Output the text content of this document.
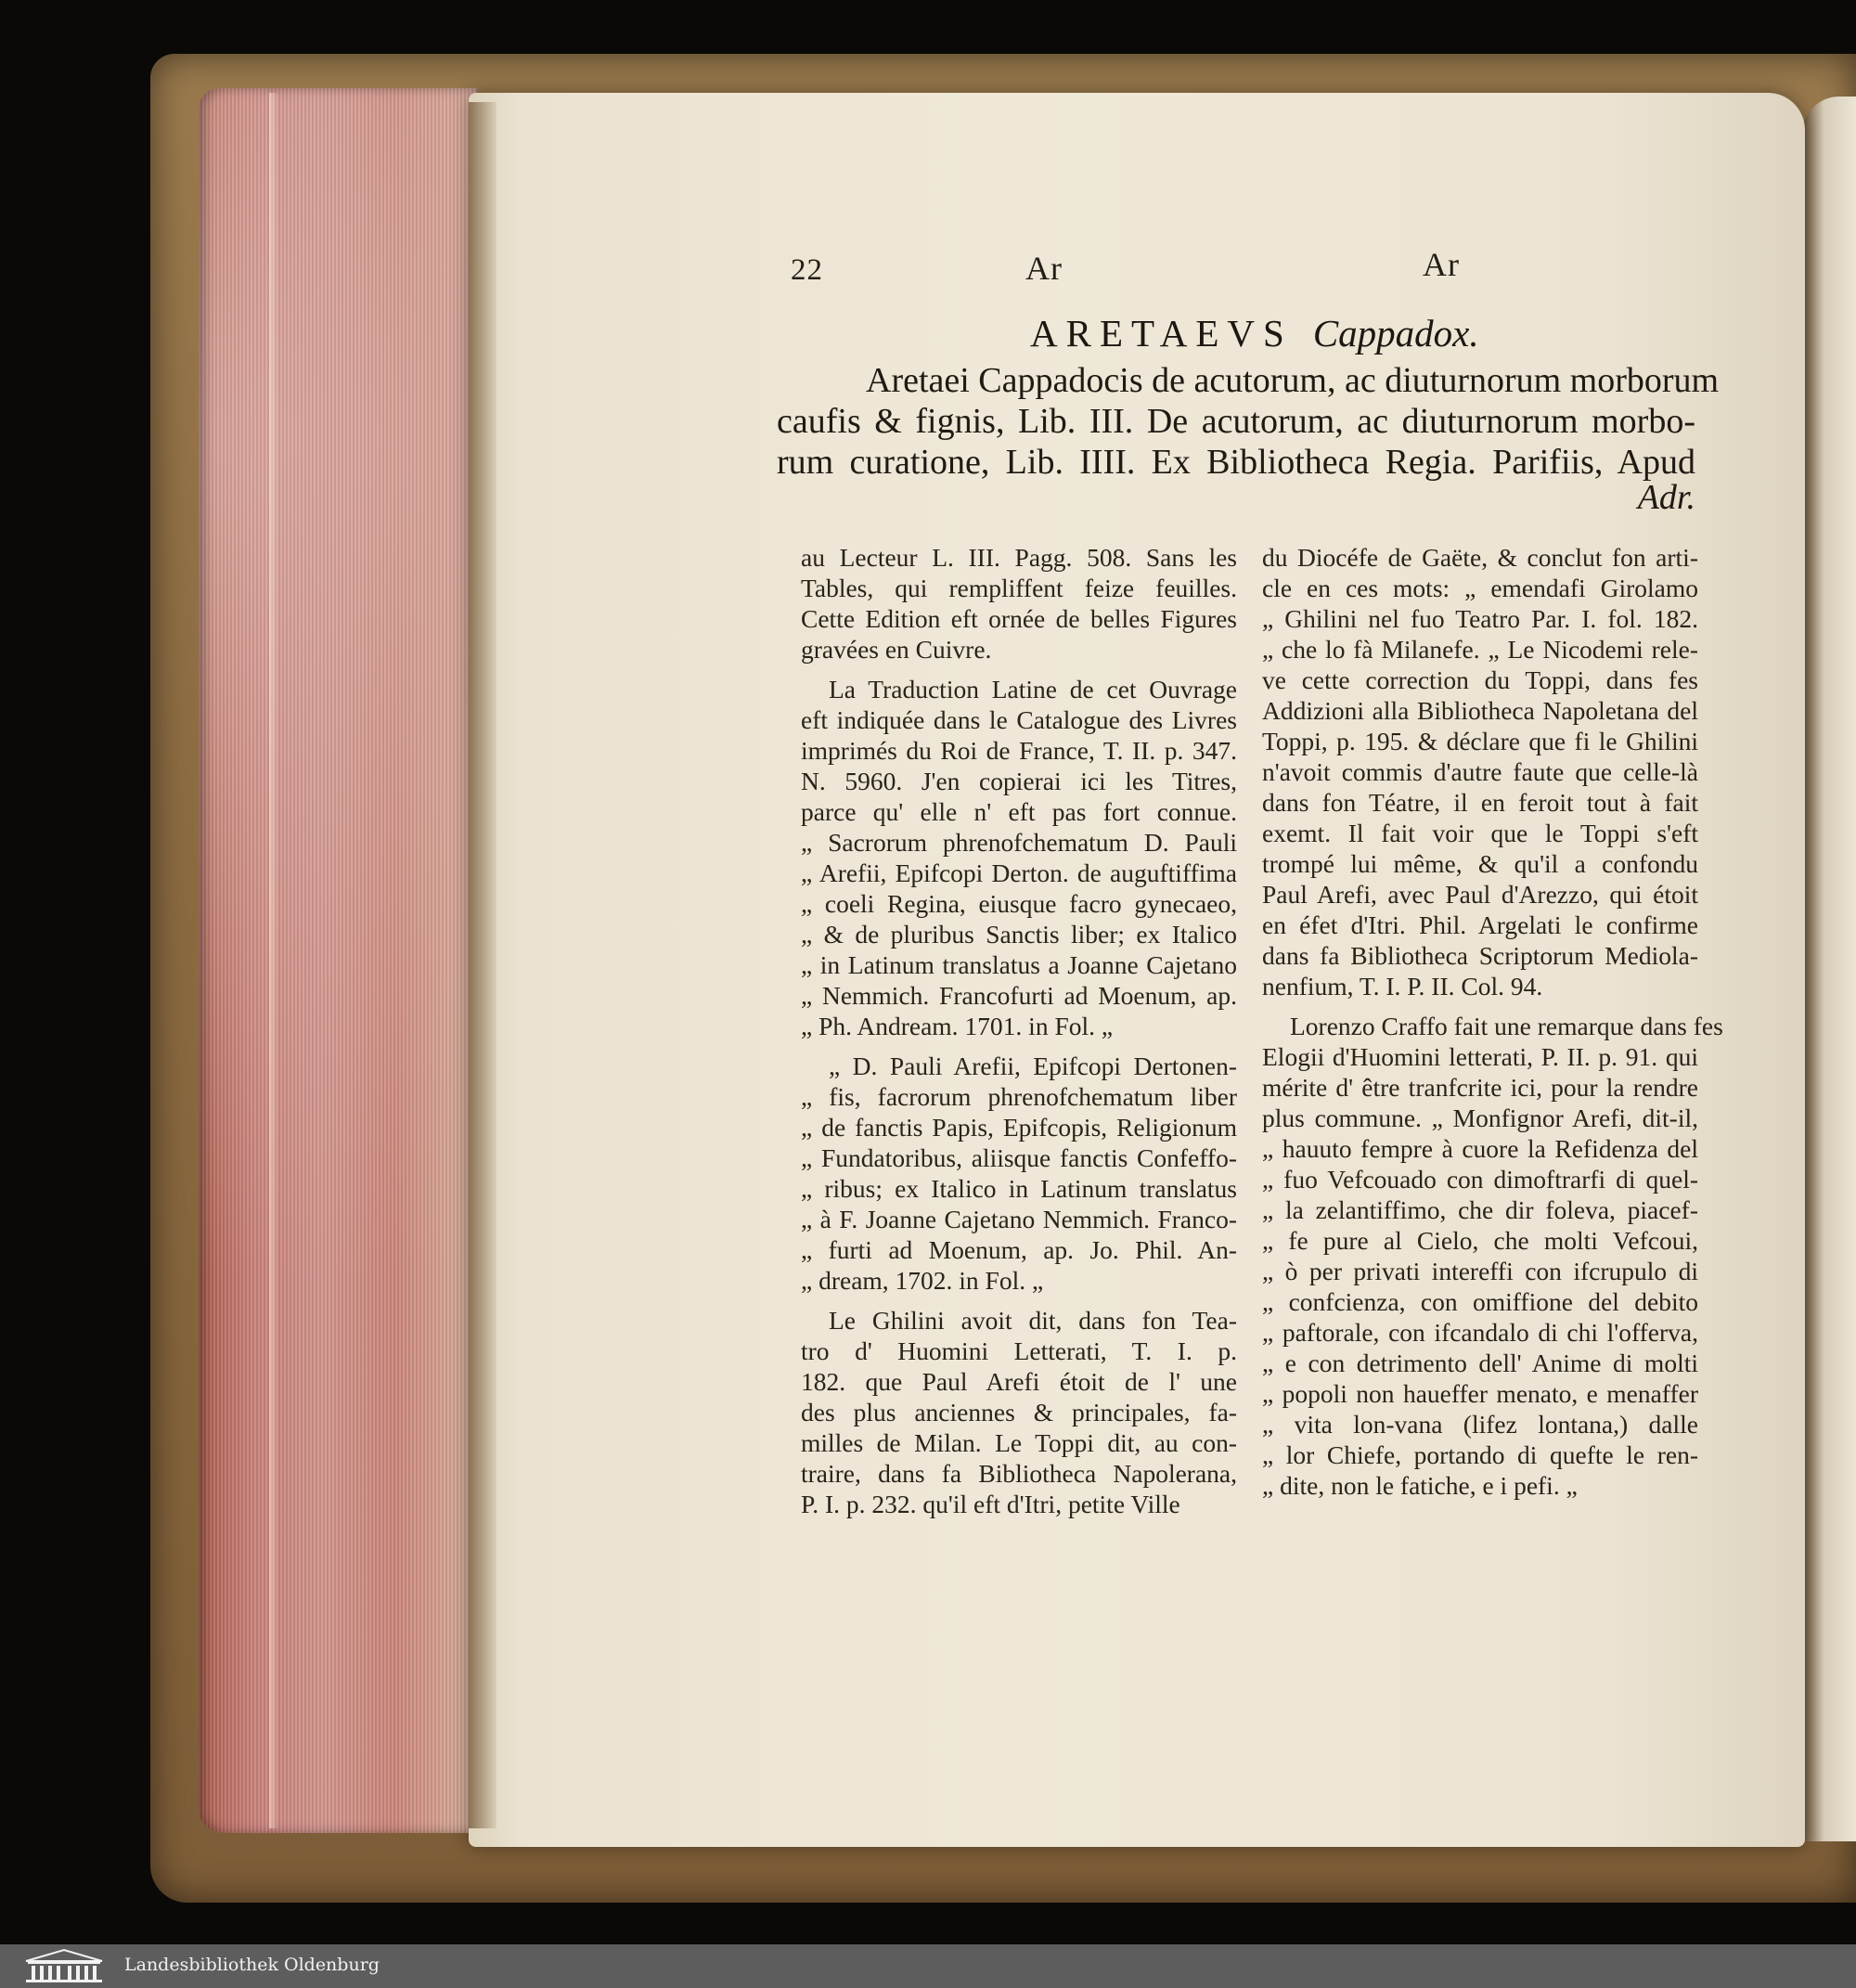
22	Ar	Ar
ARETAEVS Cappadox.
Aretaei Cappadocis de acutorum, ac diuturnorum morborum
caufis & fignis, Lib. III. De acutorum, ac diuturnorum morbo-
rum curatione, Lib. IIII. Ex Bibliotheca Regia. Parifiis, Apud
Adr.
au Lecteur L. III. Pagg. 508. Sans les
Tables, qui rempliffent feize feuilles.
Cette Edition eft ornée de belles Figures
gravées en Cuivre.
La Traduction Latine de cet Ouvrage
eft indiquée dans le Catalogue des Livres
imprimés du Roi de France, T. II. p. 347.
N. 5960. J'en copierai ici les Titres,
parce qu' elle n' eft pas fort connue.
„ Sacrorum phrenofchematum D. Pauli
„ Arefii, Epifcopi Derton. de auguftiffima
„ coeli Regina, eiusque facro gynecaeo,
„ & de pluribus Sanctis liber; ex Italico
„ in Latinum translatus a Joanne Cajetano
„ Nemmich. Francofurti ad Moenum, ap.
„ Ph. Andream. 1701. in Fol. „
„ D. Pauli Arefii, Epifcopi Dertonen-
„ fis, facrorum phrenofchematum liber
„ de fanctis Papis, Epifcopis, Religionum
„ Fundatoribus, aliisque fanctis Confeffo-
„ ribus; ex Italico in Latinum translatus
„ à F. Joanne Cajetano Nemmich. Franco-
„ furti ad Moenum, ap. Jo. Phil. An-
„ dream, 1702. in Fol. „
Le Ghilini avoit dit, dans fon Tea-
tro d' Huomini Letterati, T. I. p.
182. que Paul Arefi étoit de l' une
des plus anciennes & principales, fa-
milles de Milan. Le Toppi dit, au con-
traire, dans fa Bibliotheca Napolerana,
P. I. p. 232. qu'il eft d'Itri, petite Ville
du Diocéfe de Gaëte, & conclut fon arti-
cle en ces mots: „ emendafi Girolamo
„ Ghilini nel fuo Teatro Par. I. fol. 182.
„ che lo fà Milanefe. „ Le Nicodemi rele-
ve cette correction du Toppi, dans fes
Addizioni alla Bibliotheca Napoletana del
Toppi, p. 195. & déclare que fi le Ghilini
n'avoit commis d'autre faute que celle-là
dans fon Téatre, il en feroit tout à fait
exemt. Il fait voir que le Toppi s'eft
trompé lui même, & qu'il a confondu
Paul Arefi, avec Paul d'Arezzo, qui étoit
en éfet d'Itri. Phil. Argelati le confirme
dans fa Bibliotheca Scriptorum Mediola-
nenfium, T. I. P. II. Col. 94.
Lorenzo Craffo fait une remarque dans fes
Elogii d'Huomini letterati, P. II. p. 91. qui
mérite d' être tranfcrite ici, pour la rendre
plus commune. „ Monfignor Arefi, dit-il,
„ hauuto fempre à cuore la Refidenza del
„ fuo Vefcouado con dimoftrarfi di quel-
„ la zelantiffimo, che dir foleva, piacef-
„ fe pure al Cielo, che molti Vefcoui,
„ ò per privati intereffi con ifcrupulo di
„ confcienza, con omiffione del debito
„ paftorale, con ifcandalo di chi l'offerva,
„ e con detrimento dell' Anime di molti
„ popoli non haueffer menato, e menaffer
„ vita lon-vana (lifez lontana,) dalle
„ lor Chiefe, portando di quefte le ren-
„ dite, non le fatiche, e i pefi. „
Landesbibliothek Oldenburg
